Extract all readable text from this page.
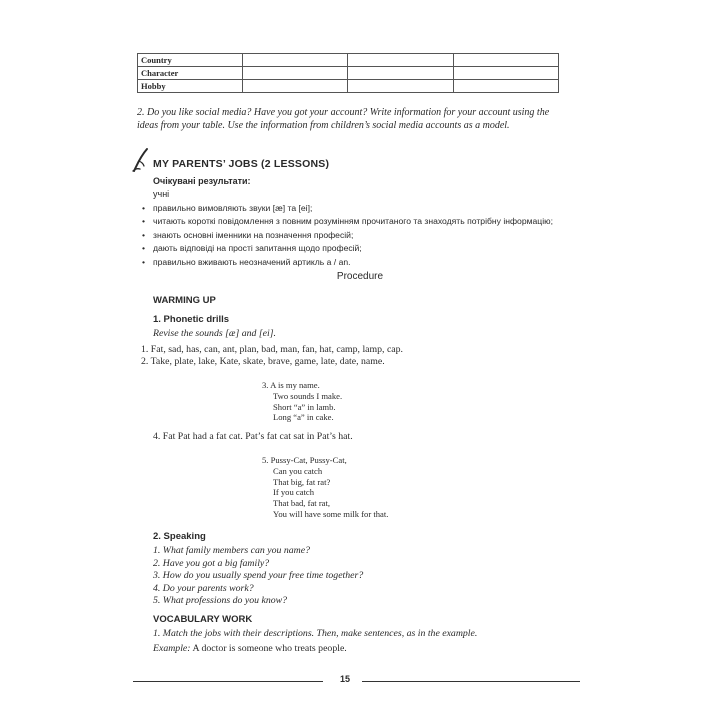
Country			
Character			
Hobby			
2. Do you like social media? Have you got your account? Write information for your account using the ideas from your table. Use the information from children’s social media accounts as a model.
MY PARENTS’ JOBS (2 LESSONS)
Очікувані результати:
учні
• правильно вимовляють звуки [æ] та [ei];
• читають короткі повідомлення з повним розумінням прочитаного та знаходять потрібну інформацію;
• знають основні іменники на позначення професій;
• дають відповіді на прості запитання щодо професій;
• правильно вживають неозначений артикль a / an.
Procedure
WARMING UP
1. Phonetic drills
Revise the sounds [æ] and [ei].
1. Fat, sad, has, can, ant, plan, bad, man, fan, hat, camp, lamp, cap.
2. Take, plate, lake, Kate, skate, brave, game, late, date, name.
3. A is my name.
Two sounds I make.
Short “a” in lamb.
Long “a” in cake.
4. Fat Pat had a fat cat. Pat’s fat cat sat in Pat’s hat.
5. Pussy-Cat, Pussy-Cat,
Can you catch
That big, fat rat?
If you catch
That bad, fat rat,
You will have some milk for that.
2. Speaking
1. What family members can you name?
2. Have you got a big family?
3. How do you usually spend your free time together?
4. Do your parents work?
5. What professions do you know?
VOCABULARY WORK
1. Match the jobs with their descriptions. Then, make sentences, as in the example.
Example: A doctor is someone who treats people.
15
